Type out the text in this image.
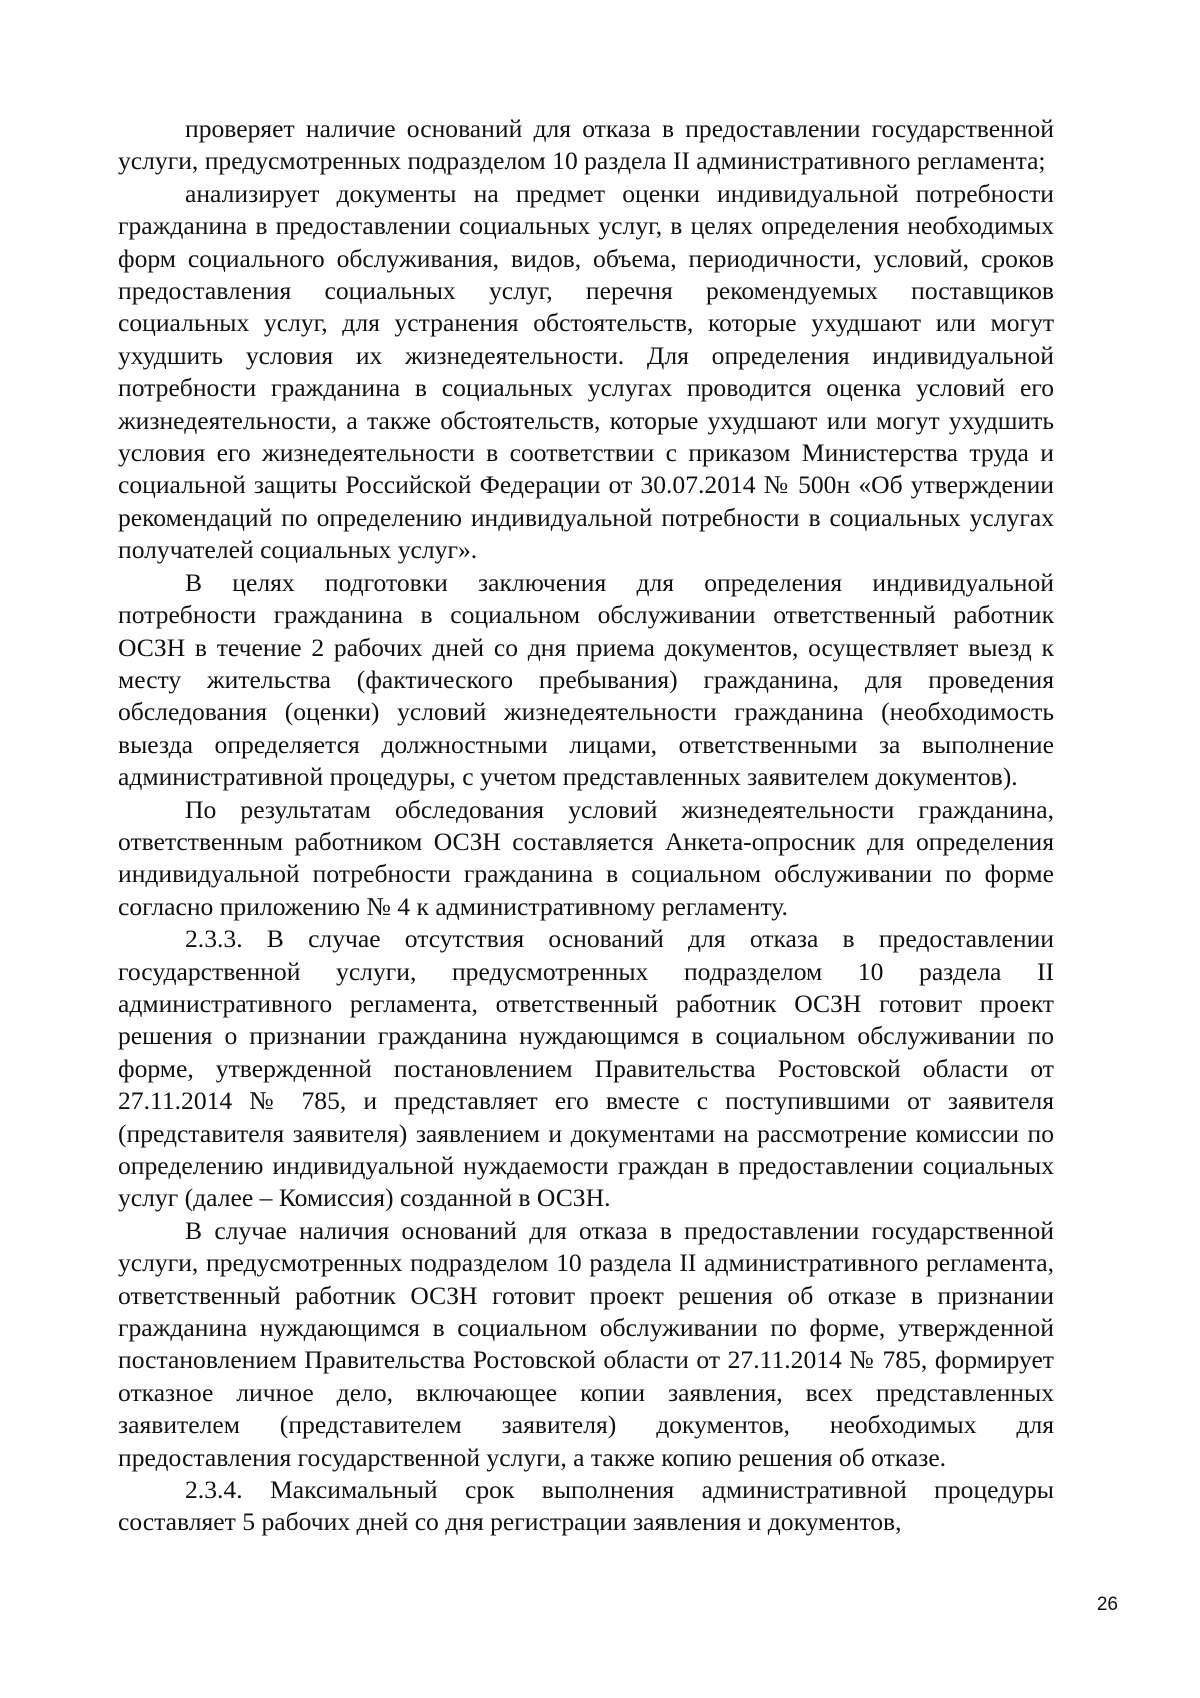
проверяет наличие оснований для отказа в предоставлении государственной услуги, предусмотренных подразделом 10 раздела II административного регламента;

анализирует документы на предмет оценки индивидуальной потребности гражданина в предоставлении социальных услуг, в целях определения необходимых форм социального обслуживания, видов, объема, периодичности, условий, сроков предоставления социальных услуг, перечня рекомендуемых поставщиков социальных услуг, для устранения обстоятельств, которые ухудшают или могут ухудшить условия их жизнедеятельности. Для определения индивидуальной потребности гражданина в социальных услугах проводится оценка условий его жизнедеятельности, а также обстоятельств, которые ухудшают или могут ухудшить условия его жизнедеятельности в соответствии с приказом Министерства труда и социальной защиты Российской Федерации от 30.07.2014 № 500н «Об утверждении рекомендаций по определению индивидуальной потребности в социальных услугах получателей социальных услуг».

В целях подготовки заключения для определения индивидуальной потребности гражданина в социальном обслуживании ответственный работник ОСЗН в течение 2 рабочих дней со дня приема документов, осуществляет выезд к месту жительства (фактического пребывания) гражданина, для проведения обследования (оценки) условий жизнедеятельности гражданина (необходимость выезда определяется должностными лицами, ответственными за выполнение административной процедуры, с учетом представленных заявителем документов).

По результатам обследования условий жизнедеятельности гражданина, ответственным работником ОСЗН составляется Анкета-опросник для определения индивидуальной потребности гражданина в социальном обслуживании по форме согласно приложению № 4 к административному регламенту.

2.3.3. В случае отсутствия оснований для отказа в предоставлении государственной услуги, предусмотренных подразделом 10 раздела II административного регламента, ответственный работник ОСЗН готовит проект решения о признании гражданина нуждающимся в социальном обслуживании по форме, утвержденной постановлением Правительства Ростовской области от 27.11.2014 № 785, и представляет его вместе с поступившими от заявителя (представителя заявителя) заявлением и документами на рассмотрение комиссии по определению индивидуальной нуждаемости граждан в предоставлении социальных услуг (далее – Комиссия) созданной в ОСЗН.

В случае наличия оснований для отказа в предоставлении государственной услуги, предусмотренных подразделом 10 раздела II административного регламента, ответственный работник ОСЗН готовит проект решения об отказе в признании гражданина нуждающимся в социальном обслуживании по форме, утвержденной постановлением Правительства Ростовской области от 27.11.2014 № 785, формирует отказное личное дело, включающее копии заявления, всех представленных заявителем (представителем заявителя) документов, необходимых для предоставления государственной услуги, а также копию решения об отказе.

2.3.4. Максимальный срок выполнения административной процедуры составляет 5 рабочих дней со дня регистрации заявления и документов,

26
